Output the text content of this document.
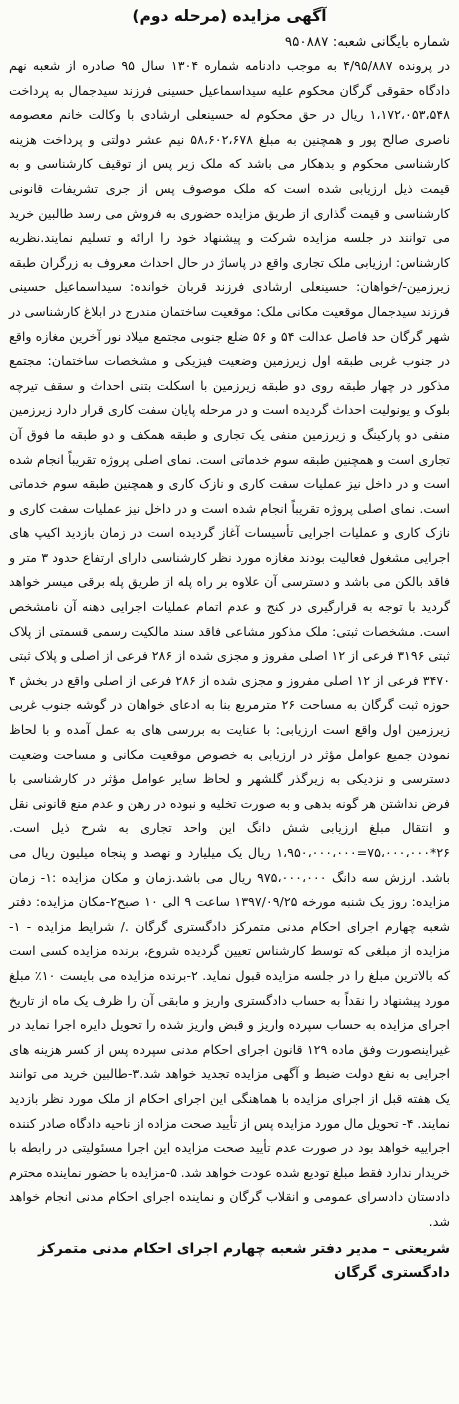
آگهی مزایده (مرحله دوم)

شماره بایگانی شعبه: ۹۵۰۸۸۷

در پرونده ۴/۹۵/۸۸۷ به موجب دادنامه شماره ۱۳۰۴ سال ۹۵ صادره از شعبه نهم دادگاه حقوقی گرگان محکوم علیه سیداسماعیل حسینی فرزند سیدجمال به پرداخت ۱،۱۷۲،۰۵۳،۵۴۸ ریال در حق محکوم له حسینعلی ارشادی با وکالت خانم معصومه ناصری صالح پور و همچنین به مبلغ ۵۸،۶۰۲،۶۷۸ نیم عشر دولتی و پرداخت هزینه کارشناسی محکوم و بدهکار می باشد که ملک زیر پس از توقیف کارشناسی و به قیمت ذیل ارزیابی شده است که ملک موصوف پس از جری تشریفات قانونی کارشناسی و قیمت گذاری از طریق مزایده حضوری به فروش می رسد طالبین خرید می توانند در جلسه مزایده شرکت و پیشنهاد خود را ارائه و تسلیم نمایند.نظریه کارشناس: ارزیابی ملک تجاری واقع در پاساژ در حال احداث معروف به زرگران طبقه زیرزمین-/خواهان: حسینعلی ارشادی فرزند قربان خوانده: سیداسماعیل حسینی فرزند سیدجمال موقعیت مکانی ملک: موقعیت ساختمان مندرج در ابلاغ کارشناسی در شهر گرگان حد فاصل عدالت ۵۴ و ۵۶ ضلع جنوبی مجتمع میلاد نور آخرین مغازه واقع در جنوب غربی طبقه اول زیرزمین وضعیت فیزیکی و مشخصات ساختمان: مجتمع مذکور در چهار طبقه روی دو طبقه زیرزمین با اسکلت بتنی احداث و سقف تیرچه بلوک و یونولیت احداث گردیده است و در مرحله پایان سفت کاری قرار دارد زیرزمین منفی دو پارکینگ و زیرزمین منفی یک تجاری و طبقه همکف و دو طبقه ما فوق آن تجاری است و همچنین طبقه سوم خدماتی است. نمای اصلی پروژه تقریباً انجام شده است و در داخل نیز عملیات سفت کاری و نازک کاری و همچنین طبقه سوم خدماتی است. نمای اصلی پروژه تقریباً انجام شده است و در داخل نیز عملیات سفت کاری و نازک کاری و عملیات اجرایی تأسیسات آغاز گردیده است در زمان بازدید اکیپ های اجرایی مشغول فعالیت بودند مغازه مورد نظر کارشناسی دارای ارتفاع حدود ۳ متر و فاقد بالکن می باشد و دسترسی آن علاوه بر راه پله از طریق پله برقی میسر خواهد گردید با توجه به قرارگیری در کنج و عدم اتمام عملیات اجرایی دهنه آن نامشخص است. مشخصات ثبتی: ملک مذکور مشاعی فاقد سند مالکیت رسمی قسمتی از پلاک ثبتی ۳۱۹۶ فرعی از ۱۲ اصلی مفروز و مجزی شده از ۲۸۶ فرعی از اصلی و پلاک ثبتی ۳۴۷۰ فرعی از ۱۲ اصلی مفروز و مجزی شده از ۲۸۶ فرعی از اصلی واقع در بخش ۴ حوزه ثبت گرگان به مساحت ۲۶ مترمربع بنا به ادعای خواهان در گوشه جنوب غربی زیرزمین اول واقع است ارزیابی: با عنایت به بررسی های به عمل آمده و با لحاظ نمودن جمیع عوامل مؤثر در ارزیابی به خصوص موقعیت مکانی و مساحت وضعیت دسترسی و نزدیکی به زیرگذر گلشهر و لحاظ سایر عوامل مؤثر در کارشناسی با فرض نداشتن هر گونه بدهی و به صورت تخلیه و نبوده در رهن و عدم منع قانونی نقل و انتقال مبلغ ارزیابی شش دانگ این واحد تجاری به شرح ذیل است. ۲۶*۷۵،۰۰۰،۰۰۰=۱،۹۵۰،۰۰۰،۰۰۰ ریال یک میلیارد و نهصد و پنجاه میلیون ریال می باشد. ارزش سه دانگ ۹۷۵،۰۰۰،۰۰۰ ریال می باشد.زمان و مکان مزایده :۱- زمان مزایده: روز یک شنبه مورخه ۱۳۹۷/۰۹/۲۵ ساعت ۹ الی ۱۰ صبح۲-مکان مزایده: دفتر شعبه چهارم اجرای احکام مدنی متمرکز دادگستری گرگان ./ شرایط مزایده - ۱-مزایده از مبلغی که توسط کارشناس تعیین گردیده شروع، برنده مزایده کسی است که بالاترین مبلغ را در جلسه مزایده قبول نماید. ۲-برنده مزایده می بایست ۱۰٪ مبلغ مورد پیشنهاد را نقداً به حساب دادگستری واریز و مابقی آن را ظرف یک ماه از تاریخ اجرای مزایده به حساب سپرده واریز و قبض واریز شده را تحویل دایره اجرا نماید در غیراینصورت وفق ماده ۱۲۹ قانون اجرای احکام مدنی سپرده پس از کسر هزینه های اجرایی به نفع دولت ضبط و آگهی مزایده تجدید خواهد شد.۳-طالبین خرید می توانند یک هفته قبل از اجرای مزایده با هماهنگی این اجرای احکام از ملک مورد نظر بازدید نمایند. ۴- تحویل مال مورد مزایده پس از تأیید صحت مزاده از ناحیه دادگاه صادر کننده اجراییه خواهد بود در صورت عدم تأیید صحت مزایده این اجرا مسئولیتی در رابطه با خریدار ندارد فقط مبلغ تودیع شده عودت خواهد شد. ۵-مزایده با حضور نماینده محترم دادستان دادسرای عمومی و انقلاب گرگان و نماینده اجرای احکام مدنی انجام خواهد شد.

شریعتی – مدیر دفتر شعبه چهارم اجرای احکام مدنی متمرکز دادگستری گرگان
